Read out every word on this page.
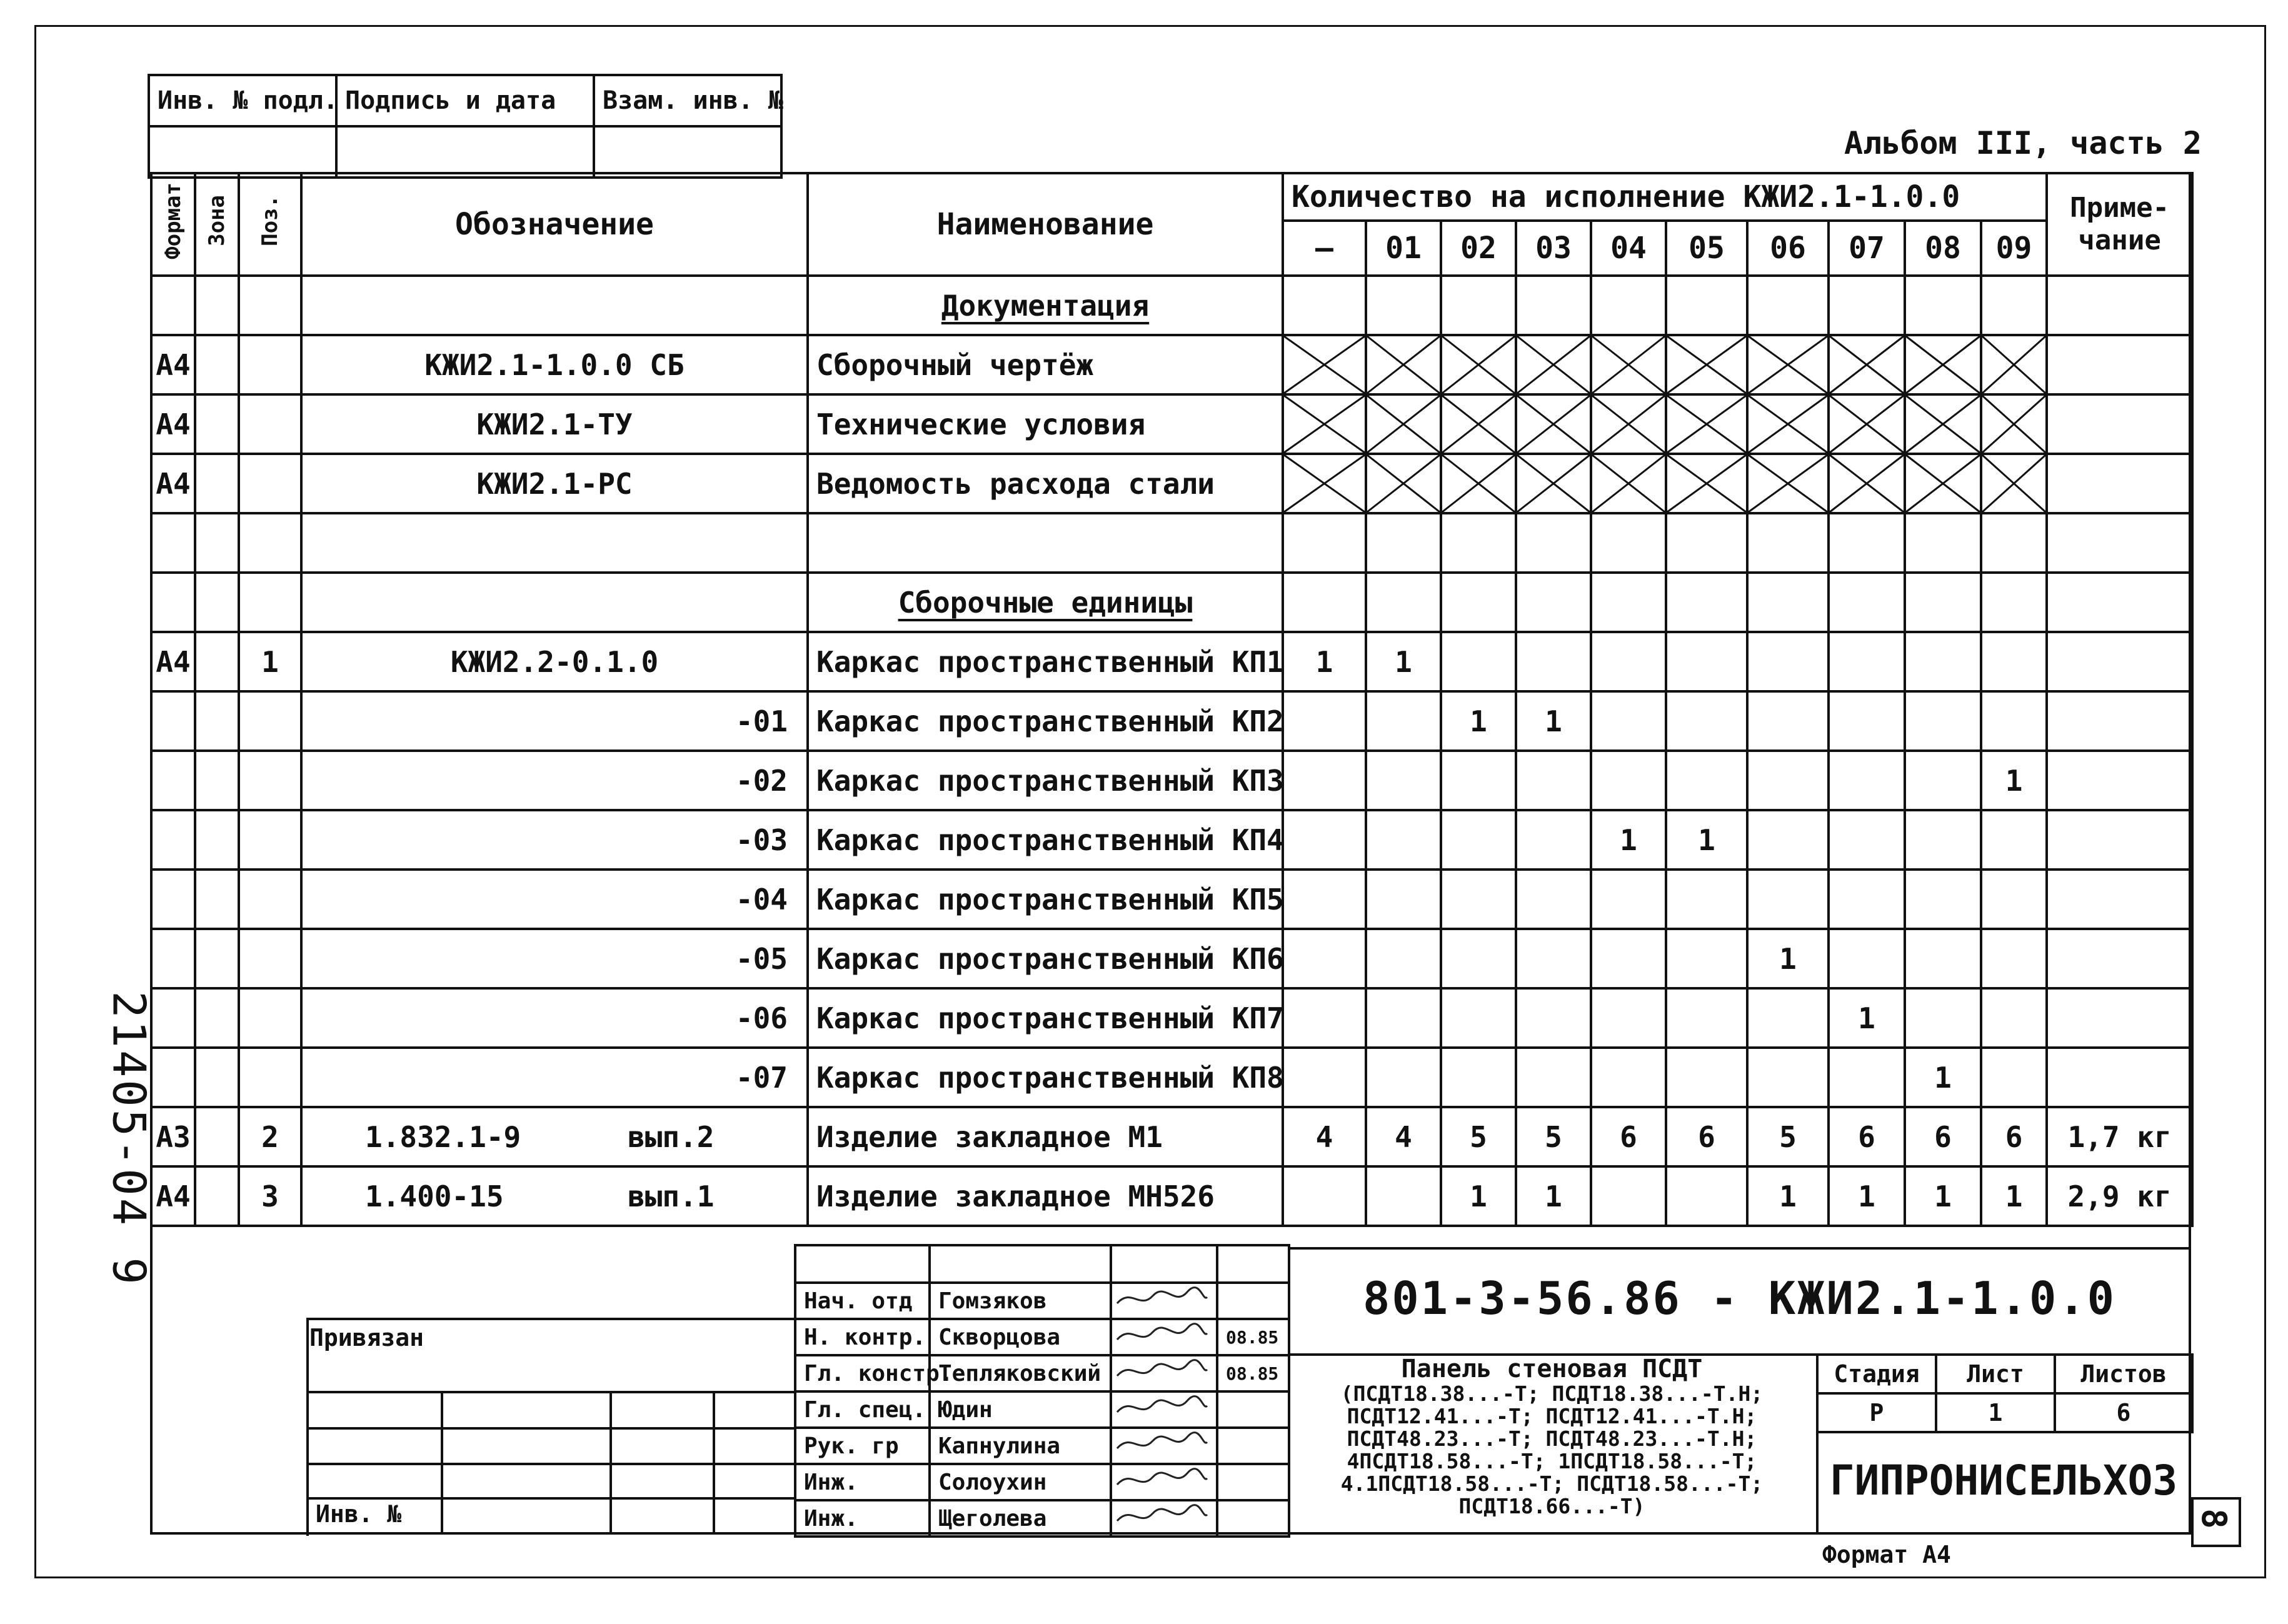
Инв. № подл.	Подпись и дата	Взам. инв. №

Альбом III, часть 2
21405-04 9
Формат	Зона	Поз.	Обозначение	Наименование	Количество на исполнение КЖИ2.1-1.0.0										Приме-чание
					—	01	02	03	04	05	06	07	08	09	
				Документация											
А4			КЖИ2.1-1.0.0 СБ	Сборочный чертёж	

А4			КЖИ2.1-ТУ	Технические условия	

А4			КЖИ2.1-РС	Ведомость расхода стали	

				Сборочные единицы											
А4		1	КЖИ2.2-0.1.0	Каркас пространственный КП1	1	1									
			-01	Каркас пространственный КП2			1	1							
			-02	Каркас пространственный КП3										1	
			-03	Каркас пространственный КП4					1	1					
			-04	Каркас пространственный КП5											
			-05	Каркас пространственный КП6							1				
			-06	Каркас пространственный КП7								1			
			-07	Каркас пространственный КП8									1		
А3		2	1.832.1-9 вып.2	Изделие закладное М1	4	4	5	5	6	6	5	6	6	6	1,7 кг
А4		3	1.400-15 вып.1	Изделие закладное МН526			1	1			1	1	1	1	2,9 кг
Привязан
Инв. №

Нач. отд	Гомзяков		
Н. контр.	Скворцова		08.85
Гл. констр.	Тепляковский		08.85
Гл. спец.	Юдин		
Рук. гр	Капнулина		
Инж.	Солоухин		
Инж.	Щеголева		
801-3-56.86 - КЖИ2.1-1.0.0
Панель стеновая ПСДТ
(ПСДТ18.38...-Т; ПСДТ18.38...-Т.Н;
ПСДТ12.41...-Т; ПСДТ12.41...-Т.Н;
ПСДТ48.23...-Т; ПСДТ48.23...-Т.Н;
4ПСДТ18.58...-Т; 1ПСДТ18.58...-Т;
4.1ПСДТ18.58...-Т; ПСДТ18.58...-Т;
ПСДТ18.66...-Т)
Стадия	Лист	Листов
Р	1	6
ГИПРОНИСЕЛЬХОЗ
Формат А4
8
